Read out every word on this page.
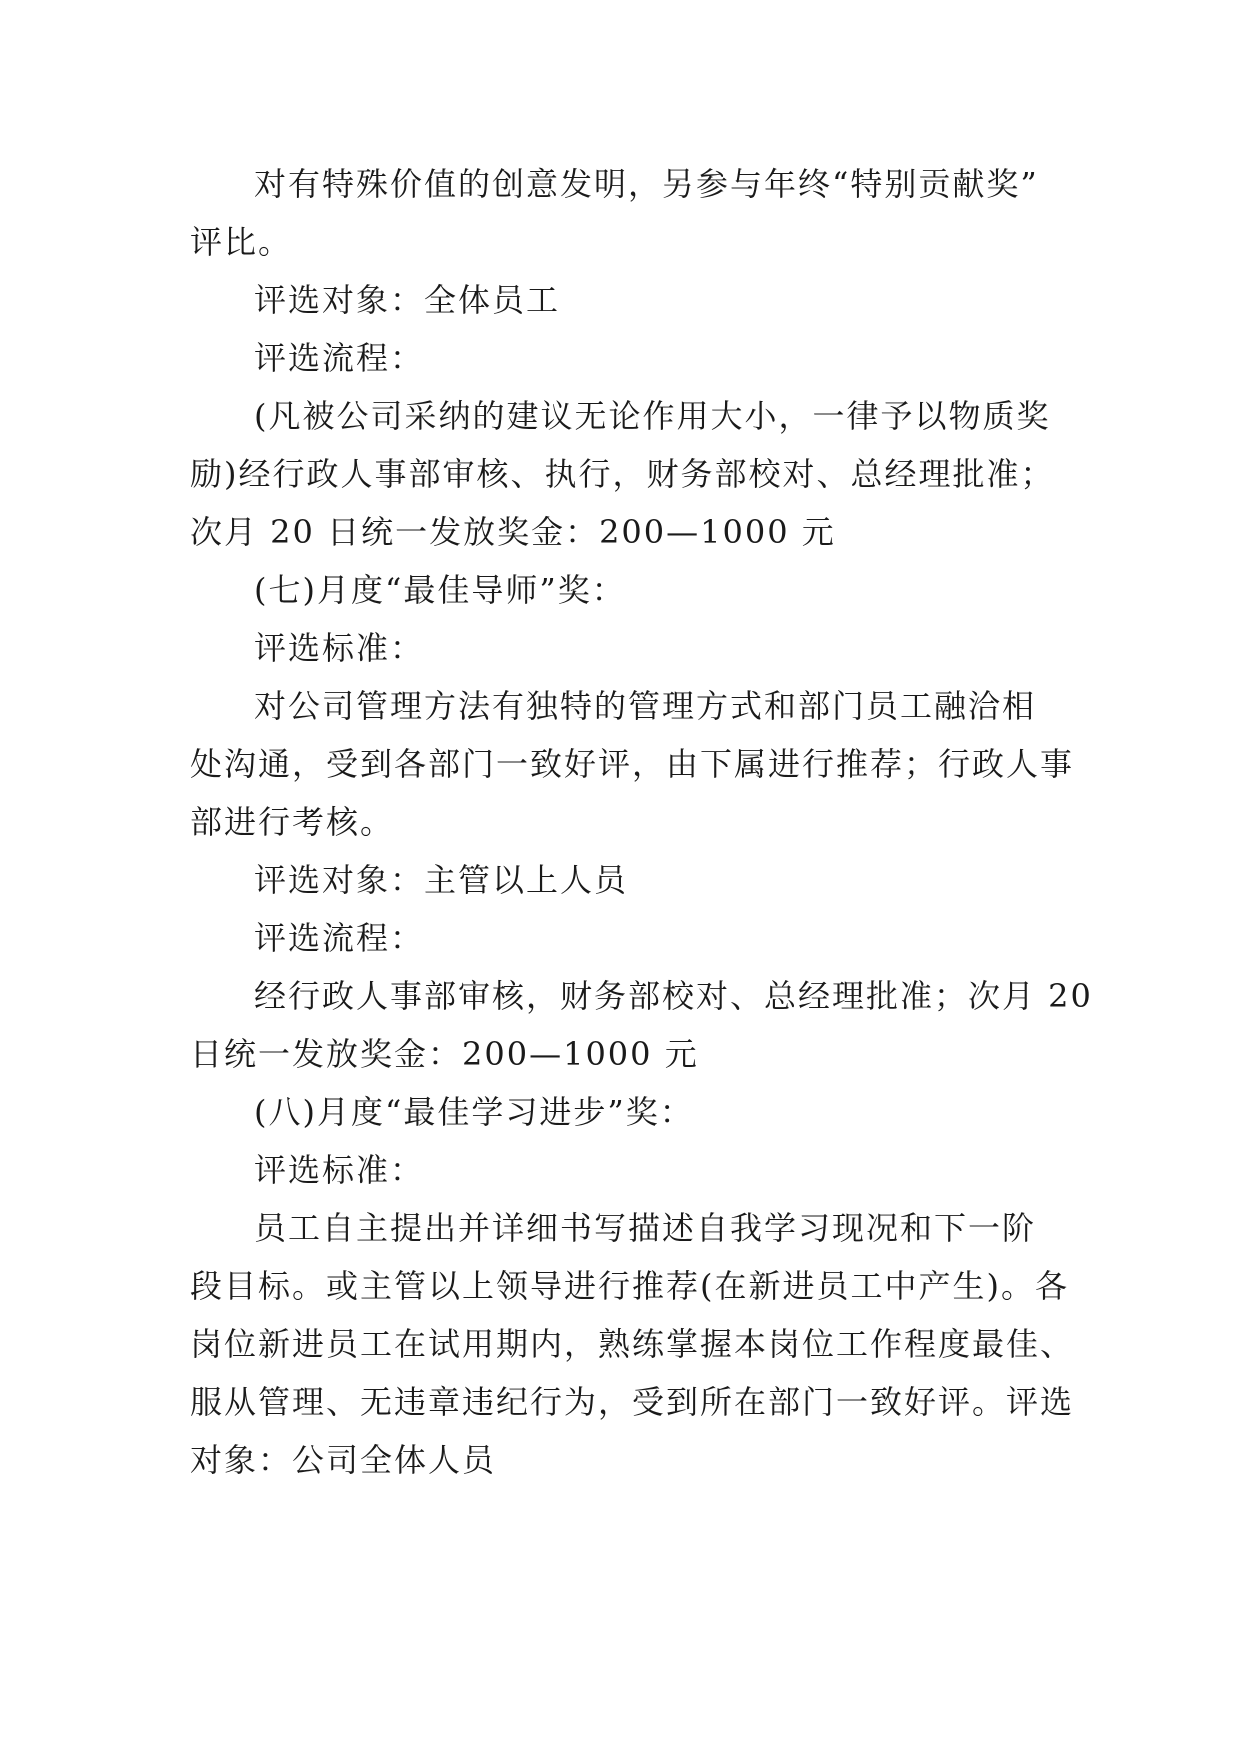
对有特殊价值的创意发明，另参与年终“特别贡献奖”
评比。

评选对象：全体员工

评选流程：

(凡被公司采纳的建议无论作用大小，一律予以物质奖
励)经行政人事部审核、执行，财务部校对、总经理批准；
次月 20 日统一发放奖金：200—1000 元

(七)月度“最佳导师”奖：

评选标准：

对公司管理方法有独特的管理方式和部门员工融洽相
处沟通，受到各部门一致好评，由下属进行推荐；行政人事
部进行考核。

评选对象：主管以上人员

评选流程：

经行政人事部审核，财务部校对、总经理批准；次月 20
日统一发放奖金：200—1000 元

(八)月度“最佳学习进步”奖：

评选标准：

员工自主提出并详细书写描述自我学习现况和下一阶
段目标。或主管以上领导进行推荐(在新进员工中产生)。各
岗位新进员工在试用期内，熟练掌握本岗位工作程度最佳、
服从管理、无违章违纪行为，受到所在部门一致好评。评选
对象：公司全体人员
